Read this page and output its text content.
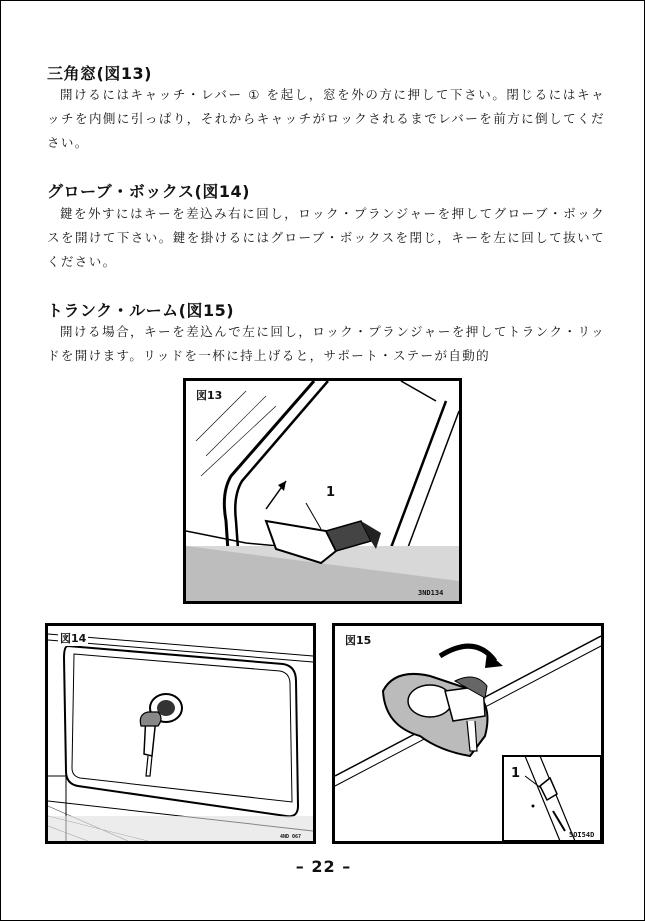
三角窓(図13)
開けるにはキャッチ・レバー ① を起し，窓を外の方に押して下さい。閉じるにはキャッチを内側に引っぱり，それからキャッチがロックされるまでレバーを前方に倒してください。
グローブ・ボックス(図14)
鍵を外すにはキーを差込み右に回し，ロック・プランジャーを押してグローブ・ボックスを開けて下さい。鍵を掛けるにはグローブ・ボックスを閉じ，キーを左に回して抜いてください。
トランク・ルーム(図15)
開ける場合，キーを差込んで左に回し，ロック・プランジャーを押してトランク・リッドを開けます。リッドを一杯に持上げると，サポート・ステーが自動的
図13
1
3ND134
図14
4ND 067
図15
1
5OI54D
– 22 –
